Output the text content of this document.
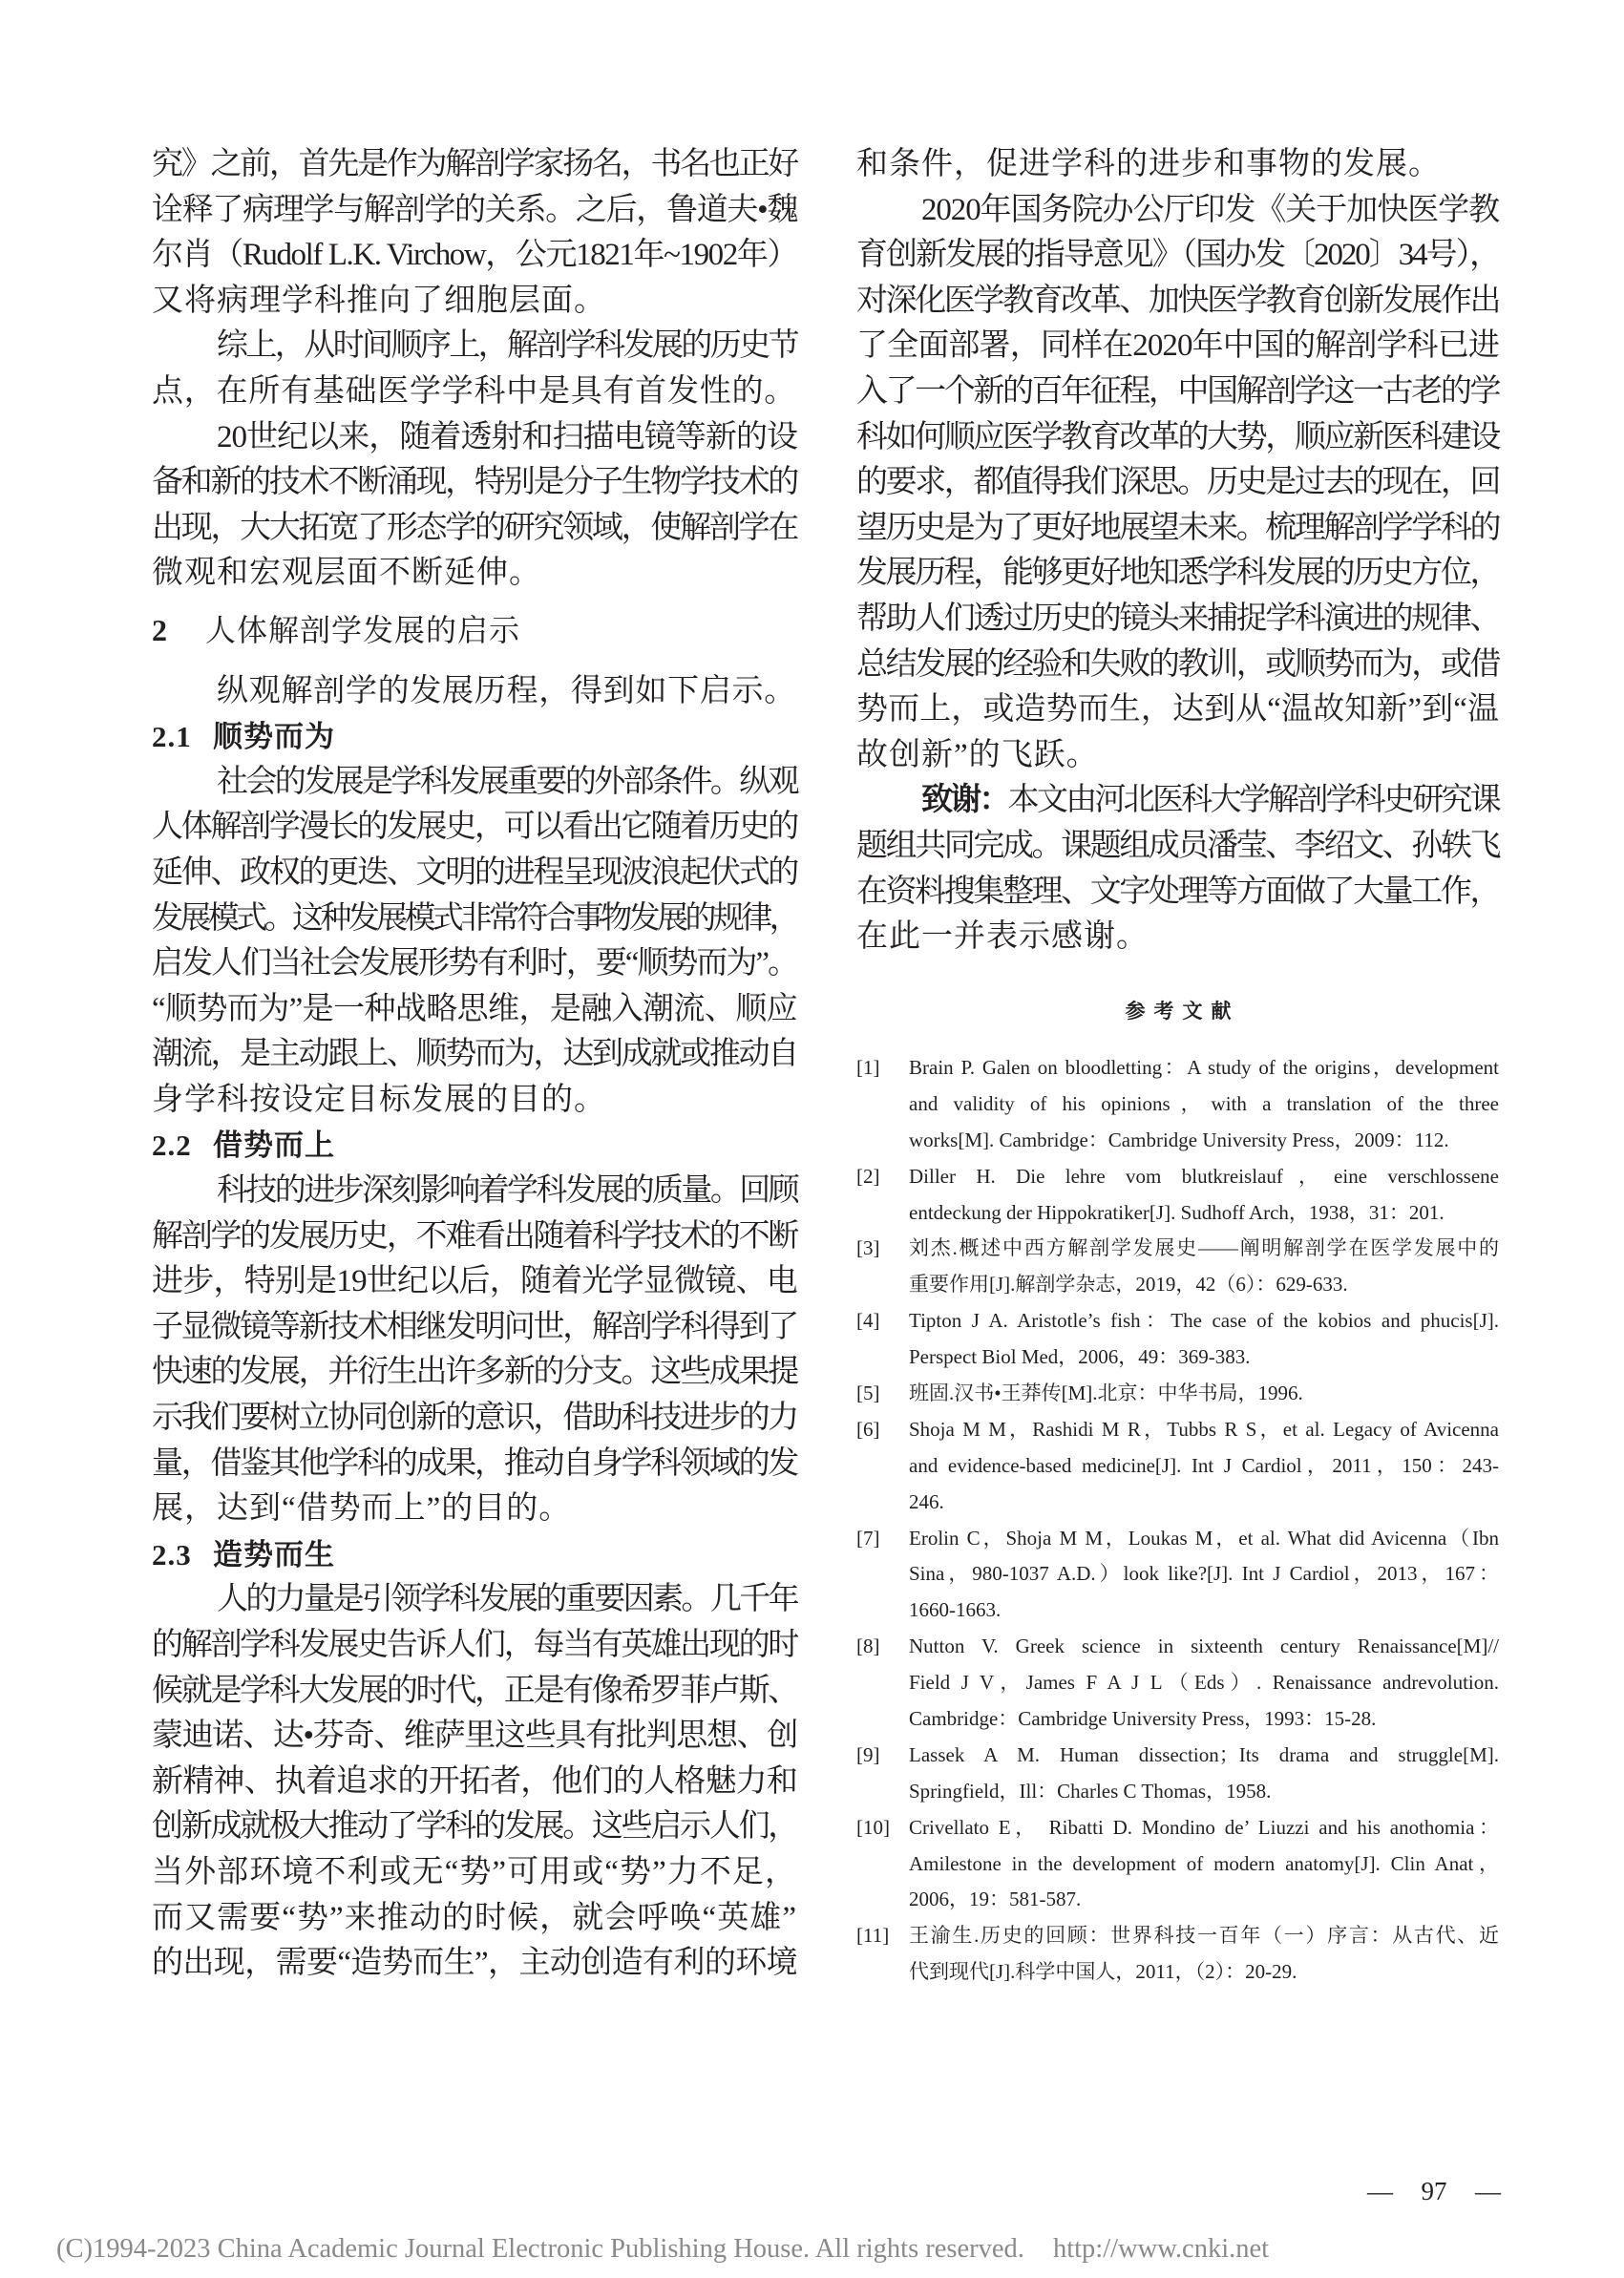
究》之前，首先是作为解剖学家扬名，书名也正好
诠释了病理学与解剖学的关系。之后，鲁道夫•魏
尔肖（Rudolf L.K. Virchow，公元1821年~1902年）
又将病理学科推向了细胞层面。
综上，从时间顺序上，解剖学科发展的历史节
点，在所有基础医学学科中是具有首发性的。
20世纪以来，随着透射和扫描电镜等新的设
备和新的技术不断涌现，特别是分子生物学技术的
出现，大大拓宽了形态学的研究领域，使解剖学在
微观和宏观层面不断延伸。
2 人体解剖学发展的启示
纵观解剖学的发展历程，得到如下启示。
2.1 顺势而为
社会的发展是学科发展重要的外部条件。纵观
人体解剖学漫长的发展史，可以看出它随着历史的
延伸、政权的更迭、文明的进程呈现波浪起伏式的
发展模式。这种发展模式非常符合事物发展的规律，
启发人们当社会发展形势有利时，要“顺势而为”。
“顺势而为”是一种战略思维，是融入潮流、顺应
潮流，是主动跟上、顺势而为，达到成就或推动自
身学科按设定目标发展的目的。
2.2 借势而上
科技的进步深刻影响着学科发展的质量。回顾
解剖学的发展历史，不难看出随着科学技术的不断
进步，特别是19世纪以后，随着光学显微镜、电
子显微镜等新技术相继发明问世，解剖学科得到了
快速的发展，并衍生出许多新的分支。这些成果提
示我们要树立协同创新的意识，借助科技进步的力
量，借鉴其他学科的成果，推动自身学科领域的发
展，达到“借势而上”的目的。
2.3 造势而生
人的力量是引领学科发展的重要因素。几千年
的解剖学科发展史告诉人们，每当有英雄出现的时
候就是学科大发展的时代，正是有像希罗菲卢斯、
蒙迪诺、达•芬奇、维萨里这些具有批判思想、创
新精神、执着追求的开拓者，他们的人格魅力和
创新成就极大推动了学科的发展。这些启示人们，
当外部环境不利或无“势”可用或“势”力不足，
而又需要“势”来推动的时候，就会呼唤“英雄”
的出现，需要“造势而生”，主动创造有利的环境
和条件，促进学科的进步和事物的发展。
2020年国务院办公厅印发《关于加快医学教
育创新发展的指导意见》（国办发〔2020〕34号），
对深化医学教育改革、加快医学教育创新发展作出
了全面部署，同样在2020年中国的解剖学科已进
入了一个新的百年征程，中国解剖学这一古老的学
科如何顺应医学教育改革的大势，顺应新医科建设
的要求，都值得我们深思。历史是过去的现在，回
望历史是为了更好地展望未来。梳理解剖学学科的
发展历程，能够更好地知悉学科发展的历史方位，
帮助人们透过历史的镜头来捕捉学科演进的规律、
总结发展的经验和失败的教训，或顺势而为，或借
势而上，或造势而生，达到从“温故知新”到“温
故创新”的飞跃。
致谢：本文由河北医科大学解剖学科史研究课
题组共同完成。课题组成员潘莹、李绍文、孙轶飞
在资料搜集整理、文字处理等方面做了大量工作，
在此一并表示感谢。
参考文献
[1] Brain P. Galen on bloodletting：A study of the origins，development
and validity of his opinions，with a translation of the three
works[M]. Cambridge：Cambridge University Press，2009：112.
[2] Diller H. Die lehre vom blutkreislauf，eine verschlossene
entdeckung der Hippokratiker[J]. Sudhoff Arch，1938，31：201.
[3] 刘杰.概述中西方解剖学发展史——阐明解剖学在医学发展中的
重要作用[J].解剖学杂志，2019，42（6）：629-633.
[4] Tipton J A. Aristotle’s fish：The case of the kobios and phucis[J].
Perspect Biol Med，2006，49：369-383.
[5] 班固.汉书•王莽传[M].北京：中华书局，1996.
[6] Shoja M M，Rashidi M R，Tubbs R S，et al. Legacy of Avicenna
and evidence-based medicine[J]. Int J Cardiol，2011，150：243-
246.
[7] Erolin C，Shoja M M，Loukas M，et al. What did Avicenna（Ibn
Sina，980-1037 A.D.）look like?[J]. Int J Cardiol，2013，167：
1660-1663.
[8] Nutton V. Greek science in sixteenth century Renaissance[M]//
Field J V，James F A J L（Eds）. Renaissance andrevolution.
Cambridge：Cambridge University Press，1993：15-28.
[9] Lassek A M. Human dissection；Its drama and struggle[M].
Springfield，Ill：Charles C Thomas，1958.
[10] Crivellato E， Ribatti D. Mondino de’ Liuzzi and his anothomia：
Amilestone in the development of modern anatomy[J]. Clin Anat，
2006，19：581-587.
[11] 王渝生.历史的回顾：世界科技一百年（一）序言：从古代、近
代到现代[J].科学中国人，2011，（2）：20-29.
— 97 —
(C)1994-2023 China Academic Journal Electronic Publishing House. All rights reserved. http://www.cnki.net
